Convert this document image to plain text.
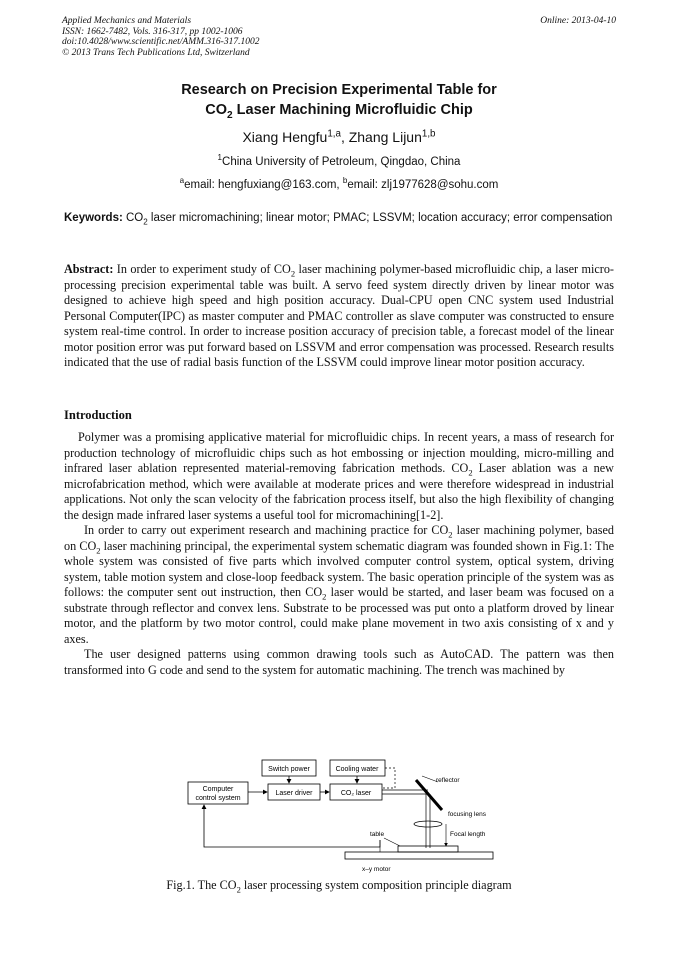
Applied Mechanics and Materials
ISSN: 1662-7482, Vols. 316-317, pp 1002-1006
doi:10.4028/www.scientific.net/AMM.316-317.1002
© 2013 Trans Tech Publications Ltd, Switzerland
Online: 2013-04-10
Research on Precision Experimental Table for
$CO_2$ Laser Machining Microfluidic Chip
Xiang Hengfu$^{1,a}$, Zhang Lijun$^{1,b}$
$^1$China University of Petroleum, Qingdao, China
$^a$email: hengfuxiang@163.com, $^b$email: zlj1977628@sohu.com
Keywords: $CO_2$ laser micromachining; linear motor; PMAC; LSSVM; location accuracy; error compensation
Abstract: In order to experiment study of $CO_2$ laser machining polymer-based microfluidic chip, a laser micro-processing precision experimental table was built. A servo feed system directly driven by linear motor was designed to achieve high speed and high position accuracy. Dual-CPU open CNC system used Industrial Personal Computer(IPC) as master computer and PMAC controller as slave computer was constructed to ensure system real-time control. In order to increase position accuracy of precision table, a forecast model of the linear motor position error was put forward based on LSSVM and error compensation was processed. Research results indicated that the use of radial basis function of the LSSVM could improve linear motor position accuracy.
Introduction

Polymer was a promising applicative material for microfluidic chips. In recent years, a mass of research for production technology of microfluidic chips such as hot embossing or injection moulding, micro-milling and infrared laser ablation represented material-removing fabrication methods. $CO_2$ Laser ablation was a new microfabrication method, which were available at moderate prices and were therefore widespread in industrial applications. Not only the scan velocity of the fabrication process itself, but also the high flexibility of changing the design made infrared laser systems a useful tool for micromachining[1-2].

In order to carry out experiment research and machining practice for $CO_2$ laser machining polymer, based on $CO_2$ laser machining principal, the experimental system schematic diagram was founded shown in Fig.1: The whole system was consisted of five parts which involved computer control system, optical system, driving system, table motion system and close-loop feedback system. The basic operation principle of the system was as follows: the computer sent out instruction, then $CO_2$ laser would be started, and laser beam was focused on a substrate through reflector and convex lens. Substrate to be processed was put onto a platform droved by linear motor, and the platform by two motor control, could make plane movement in two axis consisting of x and y axes.

The user designed patterns using common drawing tools such as AutoCAD. The pattern was then transformed into G code and send to the system for automatic machining. The trench was machined by

Switch power	Cooling water
Computer
control system
Laser driver	CO₂ laser
reflector
focusing lens
Focal length
table
x–y motor
Fig.1. The $CO_2$ laser processing system composition principle diagram
